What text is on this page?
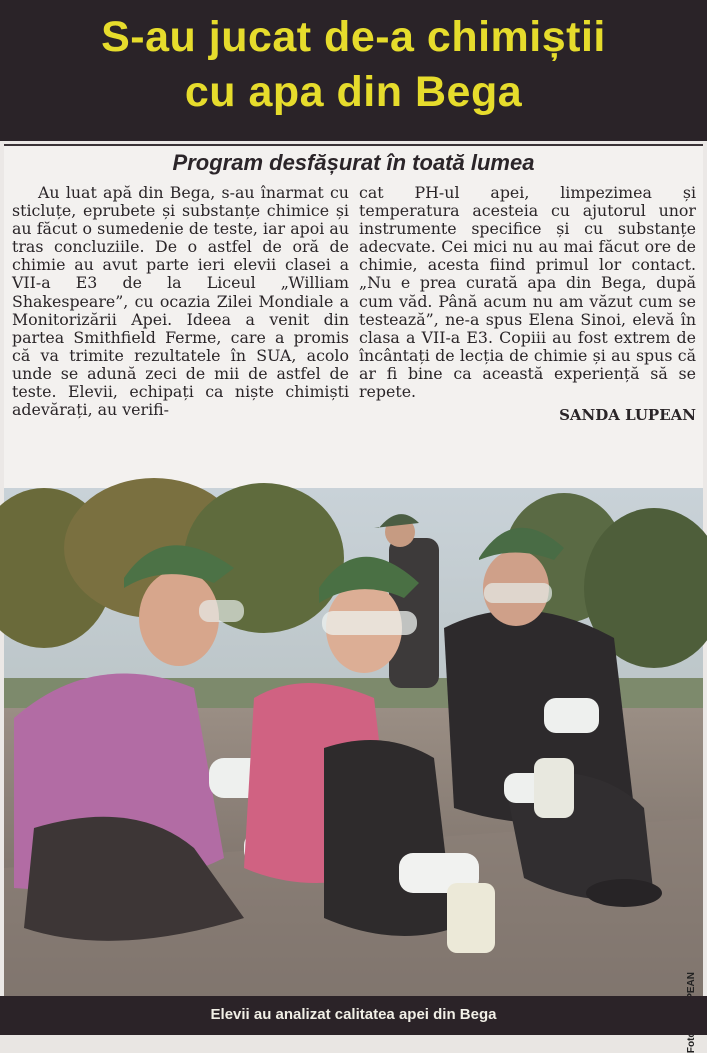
S-au jucat de-a chimiștii
cu apa din Bega
Program desfășurat în toată lumea

Au luat apă din Bega, s-au înarmat cu sticluțe, eprubete și substanțe chimice și au făcut o sumedenie de teste, iar apoi au tras concluziile. De o astfel de oră de chimie au avut parte ieri elevii clasei a VII-a E3 de la Liceul „William Shakespeare”, cu ocazia Zilei Mondiale a Monitorizării Apei. Ideea a venit din partea Smithfield Ferme, care a promis că va trimite rezultatele în SUA, acolo unde se adună zeci de mii de astfel de teste. Elevii, echipați ca niște chimiști adevărați, au verifi-

cat PH-ul apei, limpezimea și temperatura acesteia cu ajutorul unor instrumente specifice și cu substanțe adecvate. Cei mici nu au mai făcut ore de chimie, acesta fiind primul lor contact. „Nu e prea curată apa din Bega, după cum văd. Până acum nu am văzut cum se testează”, ne-a spus Elena Sinoi, elevă în clasa a VII-a E3. Copiii au fost extrem de încântați de lecția de chimie și au spus că ar fi bine ca această experiență să se repete.

SANDA LUPEAN
Elevii au analizat calitatea apei din Bega
